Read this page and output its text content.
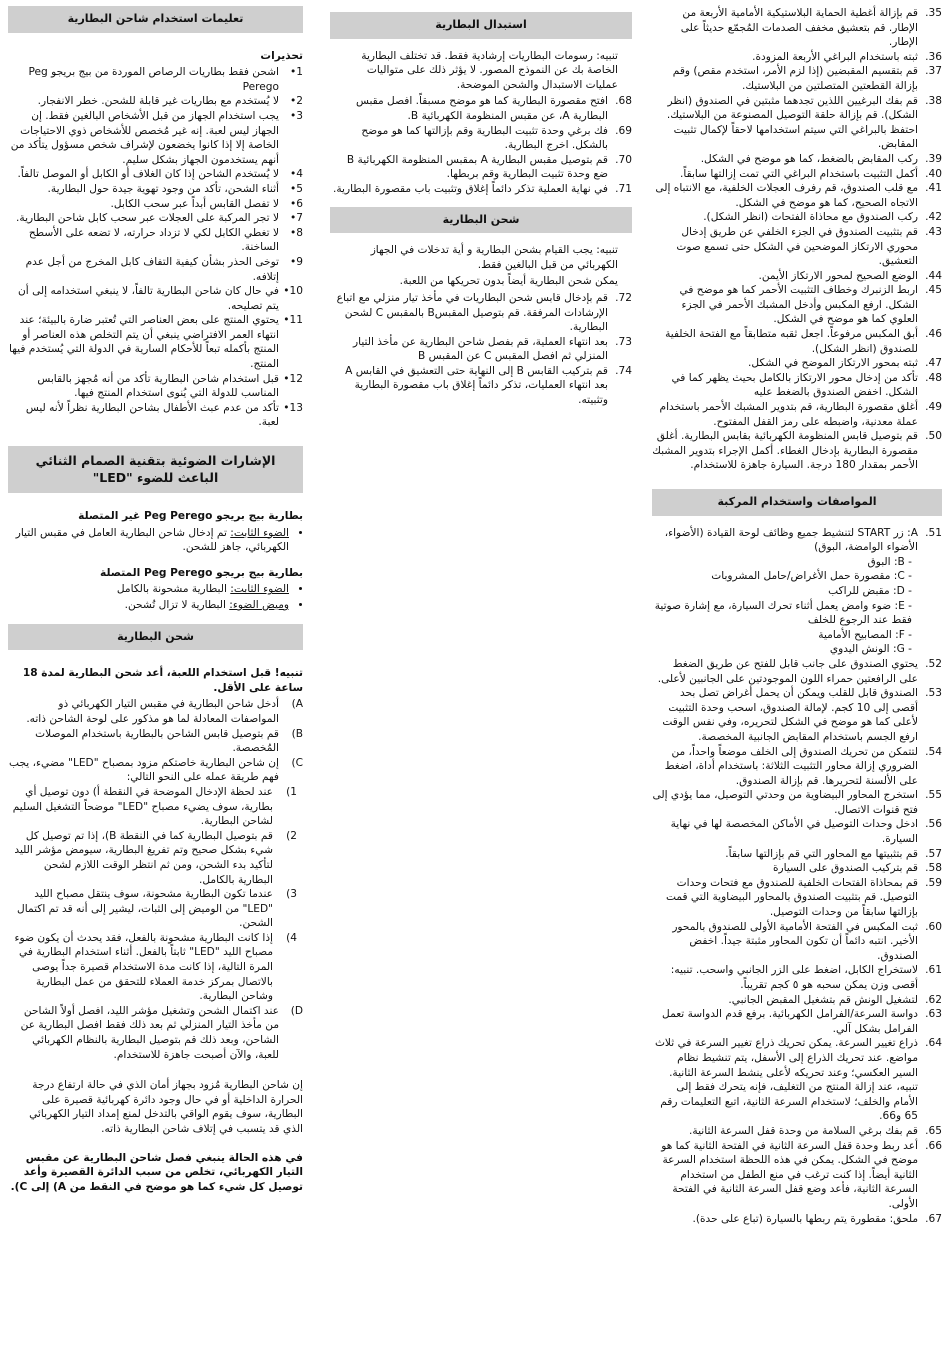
35.
قم بإزالة أغطية الحماية البلاستيكية الأمامية الأربعة من الإطار. قم بتعشيق مخفف الصدمات المُجمّع حديثاً على الإطار.
36.
ثبته باستخدام البراغي الأربعة المزودة.
37.
قم بتقسيم المقبضين (إذا لزم الأمر، استخدم مقص) وقم بإزالة القطعتين المتصلتين من البلاستيك.
38.
قم بفك البرغيين اللذين تجدهما مثبتين في الصندوق (انظر الشكل). قم بإزالة حلقة التوصيل المصنوعة من البلاستيك. احتفظ بالبراغي التي سيتم استخدامها لاحقاً لإكمال تثبيت المقابض.
39.
ركب المقابض بالضغط، كما هو موضح في الشكل.
40.
أكمل التثبيت باستخدام البراغي التي تمت إزالتها سابقاً.
41.
مع قلب الصندوق، قم رفرف العجلات الخلفية، مع الانتباه إلى الاتجاه الصحيح، كما هو موضح في الشكل.
42.
ركب الصندوق مع محاذاة الفتحات (انظر الشكل).
43.
قم بتثبيت الصندوق في الجزء الخلفي عن طريق إدخال محوري الارتكاز الموضحين في الشكل حتى تسمع صوت التعشيق.
44.
الوضع الصحيح لمحور الارتكاز الأيمن.
45.
اربط الزنبرك وخطاف التثبيت الأحمر كما هو موضح في الشكل. ارفع المكبس وأدخل المشبك الأحمر في الجزء العلوي كما هو موضح في الشكل.
46.
أبق المكبس مرفوعاً. اجعل ثقبه متطابقاً مع الفتحة الخلفية للصندوق (انظر الشكل).
47.
ثبته بمحور الارتكاز الموضح في الشكل.
48.
تأكد من إدخال محور الارتكاز بالكامل بحيث يظهر كما في الشكل. اخفض الصندوق بالضغط عليه
49.
أغلق مقصورة البطارية، قم بتدوير المشبك الأحمر باستخدام عملة معدنية، واضبطه على رمز القفل المفتوح.
50.
قم بتوصيل قابس المنظومة الكهربائية بقابس البطارية. أغلق مقصورة البطارية بإدخال الغطاء. أكمل الإجراء بتدوير المشبك الأحمر بمقدار 180 درجة. السيارة جاهزة للاستخدام.
المواصفات واستخدام المركبة
51.
A: زر START لتنشيط جميع وظائف لوحة القيادة (الأضواء، الأضواء الوامضة، البوق)
- B: البوق
- C: مقصورة حمل الأغراض/حامل المشروبات
- D: مقبض للراكب
- E: ضوء وامض يعمل أثناء تحرك السيارة، مع إشارة صوتية فقط عند الرجوع للخلف
- F: المصابيح الأمامية
- G: الونش اليدوي
52.
يحتوي الصندوق على جانب قابل للفتح عن طريق الضغط على الرافعتين حمراء اللون الموجودتين على الجانبين لأعلى.
53.
الصندوق قابل للقلب ويمكن أن يحمل أغراض تصل بحد أقصى إلى 10 كجم. لإمالة الصندوق، اسحب وحدة التثبيت لأعلى كما هو موضح في الشكل لتحريره، وفي نفس الوقت ارفع الجسم باستخدام المقابض الجانبية المخصصة.
54.
لتتمكن من تحريك الصندوق إلى الخلف موضعاً واحداً، من الضروري إزالة محاور التثبيت الثلاثة: باستخدام أداة، اضغط على الألسنة لتحريرها. قم بإزالة الصندوق.
55.
استخرج المحاور البيضاوية من وحدتي التوصيل، مما يؤدي إلى فتح قنوات الاتصال.
56.
ادخل وحدات التوصيل في الأماكن المخصصة لها في نهاية السيارة.
57.
قم بتثبيتها مع المحاور التي قم بإزالتها سابقاً.
58.
قم بتركيب الصندوق على السيارة
59.
قم بمحاذاة الفتحات الخلفية للصندوق مع فتحات وحدات التوصيل. قم بتثبيت الصندوق بالمحاور البيضاوية التي قمت بإزالتها سابقاً من وحدات التوصيل.
60.
ثبت المكبس في الفتحة الأمامية الأولى للصندوق بالمحور الأخير. انتبه دائماً أن تكون المحاور مثبتة جيداً. اخفض الصندوق.
61.
لاستخراج الكابل، اضغط على الزر الجانبي واسحب. تنبيه: أقصى وزن يمكن سحبه هو ٥ كجم تقريباً.
62.
لتشغيل الونش قم بتشغيل المقبض الجانبي.
63.
دواسة السرعة/الفرامل الكهربائية. برفع قدم الدواسة تعمل الفرامل بشكل آلي.
64.
ذراع تغيير السرعة. يمكن تحريك ذراع تغيير السرعة في ثلاث مواضع. عند تحريك الذراع إلى الأسفل، يتم تنشيط نظام السير العكسي؛ وعند تحريكه لأعلى ينشط السرعة الثانية. تنبيه، عند إزالة المنتج من التغليف، فإنه يتحرك فقط إلى الأمام والخلف؛ لاستخدام السرعة الثانية، اتبع التعليمات رقم 65 و66.
65.
قم بفك برغي السلامة من وحدة قفل السرعة الثانية.
66.
أعد ربط وحدة قفل السرعة الثانية في الفتحة الثانية كما هو موضح في الشكل. يمكن في هذه اللحظة استخدام السرعة الثانية أيضاً. إذا كنت ترغب في منع الطفل من استخدام السرعة الثانية، فأعد وضع قفل السرعة الثانية في الفتحة الأولى.
67.
ملحق: مقطورة يتم ربطها بالسيارة (تباع على حدة).
استبدال البطارية
تنبيه: رسومات البطاريات إرشادية فقط. قد تختلف البطارية الخاصة بك عن النموذج المصور. لا يؤثر ذلك على متواليات عمليات الاستبدال والشحن الموضحة.
68.
افتح مقصورة البطارية كما هو موضح مسبقاً. افصل مقبس البطارية A، عن مقبس المنظومة الكهربائية B.
69.
فك برغي وحدة تثبيت البطارية وقم بإزالتها كما هو موضح بالشكل. اخرج البطارية.
70.
قم بتوصيل مقبس البطارية A بمقبس المنظومة الكهربائية B ضع وحدة تثبيت البطارية وقم بربطها.
71.
في نهاية العملية تذكر دائماً إغلاق وتثبيت باب مقصورة البطارية.
شحن البطارية
تنبيه: يجب القيام بشحن البطارية و أية تدخلات في الجهاز الكهربائي من قبل البالغين فقط.
يمكن شحن البطارية أيضاً بدون تحريكها من اللعبة.
72.
قم بإدخال قابس شحن البطاريات في مأخذ تيار منزلي مع اتباع الإرشادات المرفقة. قم بتوصيل المقبسB بالمقبس C لشحن البطارية.
73.
بعد انتهاء العملية، قم بفصل شاحن البطارية عن مأخذ التيار المنزلي ثم افصل المقبس C عن المقبس B
74.
قم بتركيب القابس B إلى النهاية حتى التعشيق في القابس A بعد انتهاء العمليات، تذكر دائماً إغلاق باب مقصورة البطارية وتثبيته.
تعليمات استخدام شاحن البطارية
تحذيرات
1•
اشحن فقط بطاريات الرصاص الموردة من بيج بريجو Peg Perego
2•
لا يُستخدم مع بطاريات غير قابلة للشحن. خطر الانفجار.
3•
يجب استخدام الجهاز من قبل الأشخاص البالغين فقط. إن الجهاز ليس لعبة. إنه غير مُخصص للأشخاص ذوي الاحتياجات الخاصة إلا إذا كانوا يخضعون لإشراف شخص مسؤول يتأكد من أنهم يستخدمون الجهاز بشكل سليم.
4•
لا يُستخدم الشاحن إذا كان الغلاف أو الكابل أو الموصل تالفاً.
5•
أثناء الشحن، تأكد من وجود تهوية جيدة حول البطارية.
6•
لا تفصل القابس أبداً عبر سحب الكابل.
7•
لا تجر المركبة على العجلات عبر سحب كابل شاحن البطارية.
8•
لا تغطي الكابل لكي لا تزداد حرارته، لا تضعه على الأسطح الساخنة.
9•
توخى الحذر بشأن كيفية التفاف كابل المخرج من أجل عدم إتلافه.
10•
في حال كان شاحن البطارية تالفاً، لا ينبغي استخدامه إلى أن يتم تصليحه.
11•
يحتوي المنتج على بعض العناصر التي تُعتبر ضارة بالبيئة؛ عند انتهاء العمر الافتراضي ينبغي أن يتم التخلص هذه العناصر أو المنتج بأكمله تبعاً للأحكام السارية في الدولة التي يُستخدم فيها المنتج.
12•
قبل استخدام شاحن البطارية تأكد من أنه مُجهز بالقابس المناسب للدولة التي يُنوى استخدام المنتج فيها.
13•
تأكد من عدم عبث الأطفال بشاحن البطارية نظراً لأنه ليس لعبة.
الإشارات الضوئية بتقنية الصمام الثنائي الباعث للضوء "LED"
بطارية بيج بريجو Peg Perego غير المتصلة
• الضوء الثابت: تم إدخال شاحن البطارية العامل في مقبس التيار الكهربائي، جاهز للشحن.
بطارية بيج بريجو Peg Perego المتصلة
• الضوء الثابت: البطارية مشحونة بالكامل
• وميض الضوء: البطارية لا تزال تُشحن.
شحن البطارية
تنبيه! قبل استخدام اللعبة، أعد شحن البطارية لمدة 18 ساعة على الأقل.
A)
أدخل شاحن البطارية في مقبس التيار الكهربائي ذو المواصفات المعادلة لما هو مذكور على لوحة الشاحن ذاته.
B)
قم بتوصيل قابس الشاحن بالبطارية باستخدام الموصلات المُخصصة.
C)
إن شاحن البطارية خاصتكم مزود بمصباح "LED" مضيء، يجب فهم طريقة عمله على النحو التالي:
1)
عند لحظة الإدخال الموضحة في النقطة أ) دون توصيل أي بطارية، سوف يضيء مصباح "LED" موضحاً التشغيل السليم لشاحن البطارية.
2)
قم بتوصيل البطارية كما في النقطة B)، إذا تم توصيل كل شيء بشكل صحيح وتم تفريغ البطارية، سيومض مؤشر الليد لتأكيد بدء الشحن، ومن ثم انتظر الوقت اللازم لشحن البطارية بالكامل.
3)
عندما تكون البطارية مشحونة، سوف ينتقل مصباح الليد "LED" من الوميض إلى الثبات، ليشير إلى أنه قد تم اكتمال الشحن.
4)
إذا كانت البطارية مشحونة بالفعل، فقد يحدث أن يكون ضوء مصباح الليد "LED" ثابتاً بالفعل. أثناء استخدام البطارية في المرة التالية، إذا كانت مدة الاستخدام قصيرة جداً يوصى بالاتصال بمركز خدمة العملاء للتحقق من عمل البطارية وشاحن البطارية.
D)
عند اكتمال الشحن وتشغيل مؤشر الليد، افصل أولاً الشاحن من مأخذ التيار المنزلي ثم بعد ذلك فقط افصل البطارية عن الشاحن، وبعد ذلك قم بتوصيل البطارية بالنظام الكهربائي للعبة، والآن أصبحت جاهزة للاستخدام.
إن شاحن البطارية مُزود بجهاز أمان الذي في حالة ارتفاع درجة الحرارة الداخلية أو في حال وجود دائرة كهربائية قصيرة على البطارية، سوف يقوم الواقي بالتدخل لمنع إمداد التيار الكهربائي الذي قد يتسبب في إتلاف شاحن البطارية ذاته.
في هذه الحالة ينبغي فصل شاحن البطارية عن مقبس التيار الكهربائي، تخلص من سبب الدائرة القصيرة وأعد توصيل كل شيء كما هو موضح في النقط من A) إلى C).
